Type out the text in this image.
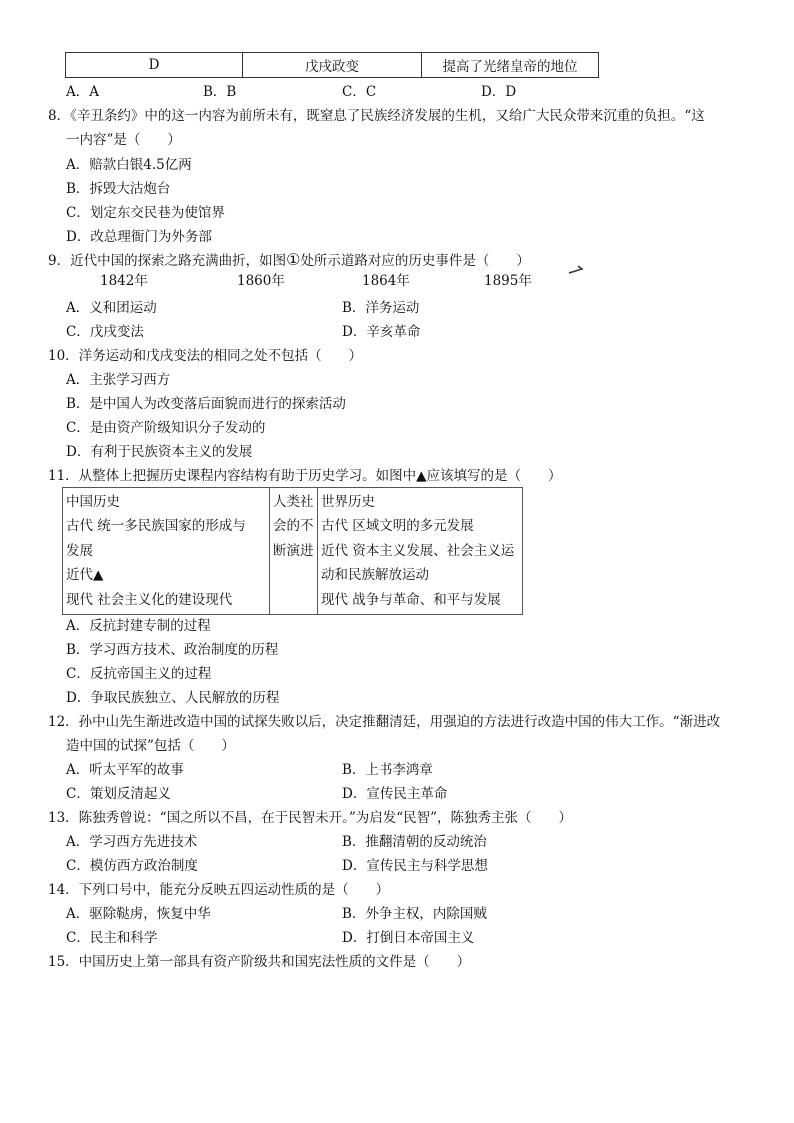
D	戊戌政变	提高了光绪皇帝的地位
A．A	B．B	C．C	D．D
8．《辛丑条约》中的这一内容为前所未有，既窒息了民族经济发展的生机，又给广大民众带来沉重的负担。“这
一内容”是（　　）
A．赔款白银4.5亿两
B．拆毁大沽炮台
C．划定东交民巷为使馆界
D．改总理衙门为外务部
9．近代中国的探索之路充满曲折，如图①处所示道路对应的历史事件是（　　）
1842年	1860年	1864年	1895年
A．义和团运动	B．洋务运动
C．戊戌变法	D．辛亥革命
10．洋务运动和戊戌变法的相同之处不包括（　　）
A．主张学习西方
B．是中国人为改变落后面貌而进行的探索活动
C．是由资产阶级知识分子发动的
D．有利于民族资本主义的发展
11．从整体上把握历史课程内容结构有助于历史学习。如图中▲应该填写的是（　　）
中国历史
古代 统一多民族国家的形成与
发展
近代▲
现代 社会主义化的建设现代

人类社
会的不
断演进

世界历史
古代 区域文明的多元发展
近代 资本主义发展、社会主义运
动和民族解放运动
现代 战争与革命、和平与发展
A．反抗封建专制的过程
B．学习西方技术、政治制度的历程
C．反抗帝国主义的过程
D．争取民族独立、人民解放的历程
12．孙中山先生渐进改造中国的试探失败以后，决定推翻清廷，用强迫的方法进行改造中国的伟大工作。“渐进改
造中国的试探”包括（　　）
A．听太平军的故事	B．上书李鸿章
C．策划反清起义	D．宣传民主革命
13．陈独秀曾说：“国之所以不昌，在于民智未开。”为启发“民智”，陈独秀主张（　　）
A．学习西方先进技术	B．推翻清朝的反动统治
C．模仿西方政治制度	D．宣传民主与科学思想
14．下列口号中，能充分反映五四运动性质的是（　　）
A．驱除鞑虏，恢复中华	B．外争主权，内除国贼
C．民主和科学	D．打倒日本帝国主义
15．中国历史上第一部具有资产阶级共和国宪法性质的文件是（　　）
